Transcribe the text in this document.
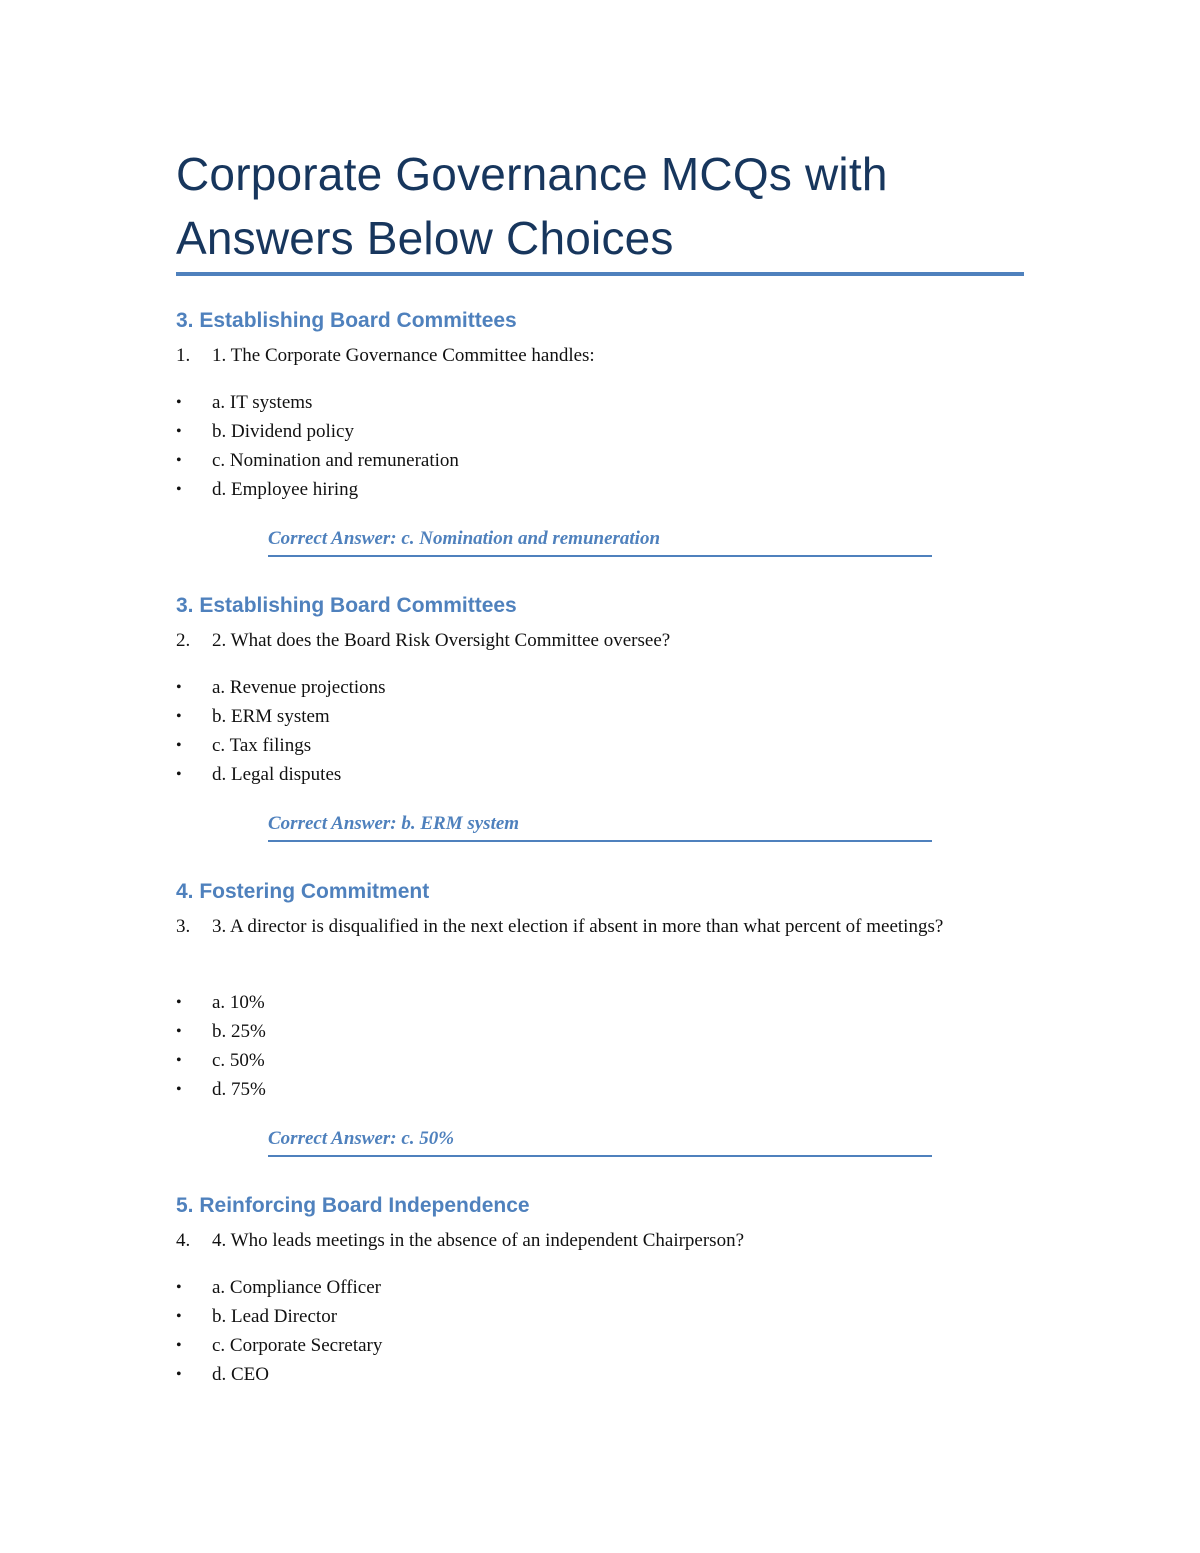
Corporate Governance MCQs with Answers Below Choices
3. Establishing Board Committees
1. 1. The Corporate Governance Committee handles:
• a. IT systems
• b. Dividend policy
• c. Nomination and remuneration
• d. Employee hiring
Correct Answer: c. Nomination and remuneration
3. Establishing Board Committees
2. 2. What does the Board Risk Oversight Committee oversee?
• a. Revenue projections
• b. ERM system
• c. Tax filings
• d. Legal disputes
Correct Answer: b. ERM system
4. Fostering Commitment
3. 3. A director is disqualified in the next election if absent in more than what percent of meetings?
• a. 10%
• b. 25%
• c. 50%
• d. 75%
Correct Answer: c. 50%
5. Reinforcing Board Independence
4. 4. Who leads meetings in the absence of an independent Chairperson?
• a. Compliance Officer
• b. Lead Director
• c. Corporate Secretary
• d. CEO
